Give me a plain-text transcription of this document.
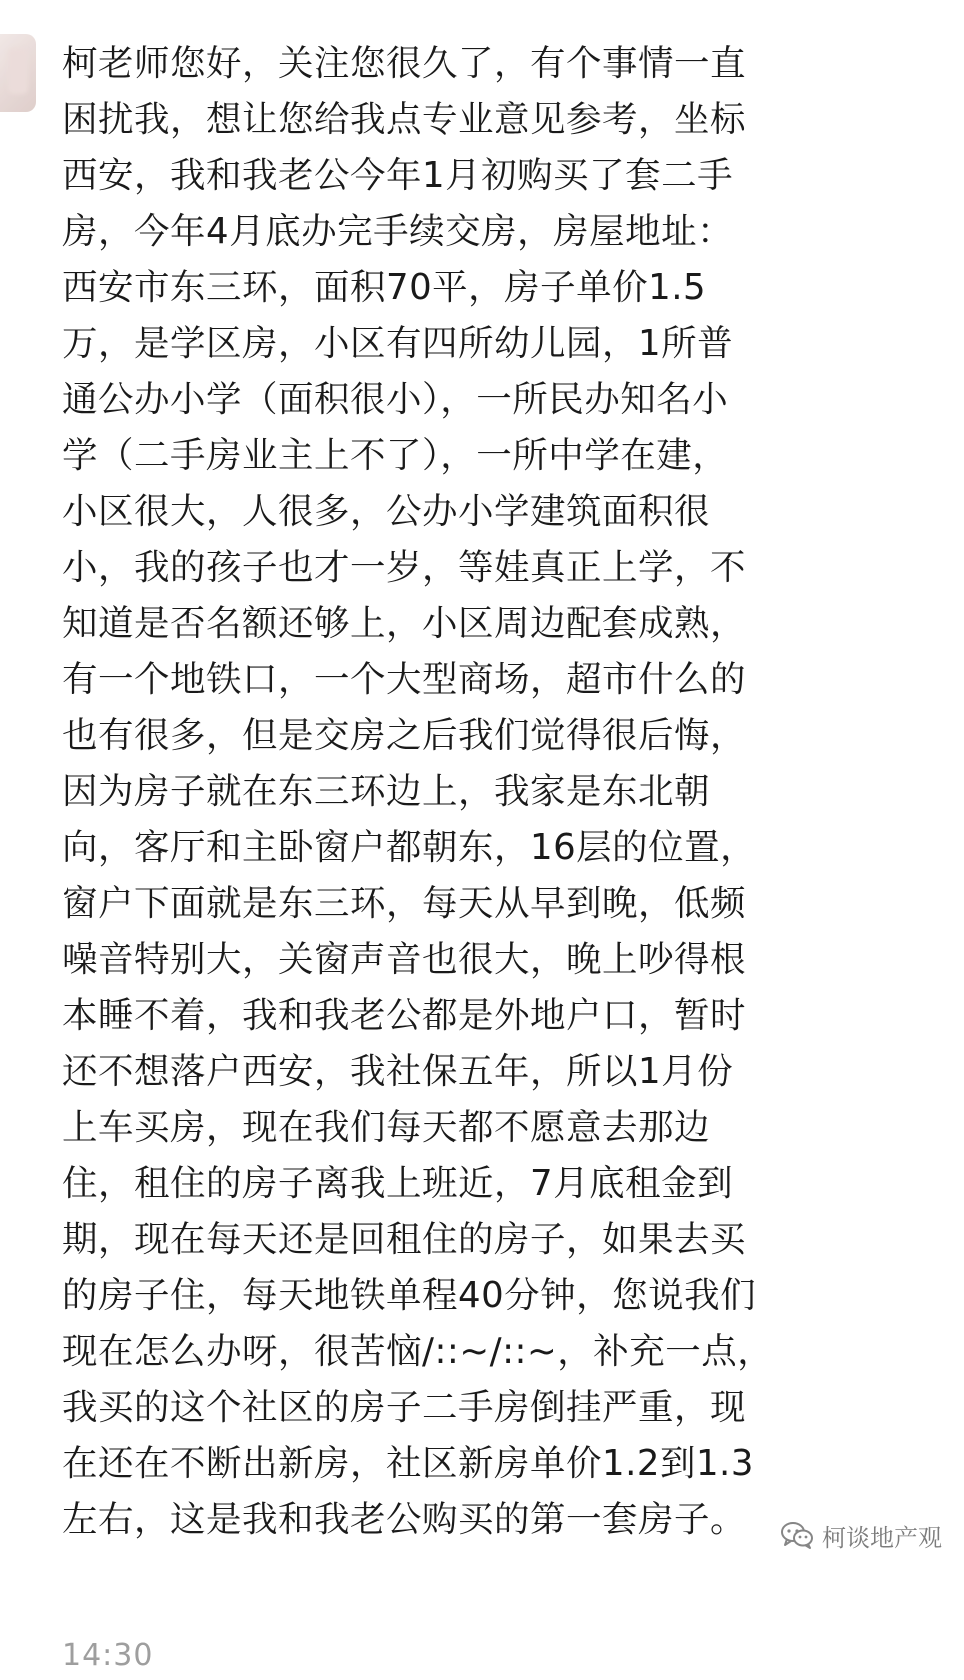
柯老师您好，关注您很久了，有个事情一直
困扰我，想让您给我点专业意见参考，坐标
西安，我和我老公今年1月初购买了套二手
房，今年4月底办完手续交房，房屋地址：
西安市东三环，面积70平，房子单价1.5
万，是学区房，小区有四所幼儿园，1所普
通公办小学（面积很小），一所民办知名小
学（二手房业主上不了），一所中学在建，
小区很大，人很多，公办小学建筑面积很
小，我的孩子也才一岁，等娃真正上学，不
知道是否名额还够上，小区周边配套成熟，
有一个地铁口，一个大型商场，超市什么的
也有很多，但是交房之后我们觉得很后悔，
因为房子就在东三环边上，我家是东北朝
向，客厅和主卧窗户都朝东，16层的位置，
窗户下面就是东三环，每天从早到晚，低频
噪音特别大，关窗声音也很大，晚上吵得根
本睡不着，我和我老公都是外地户口，暂时
还不想落户西安，我社保五年，所以1月份
上车买房，现在我们每天都不愿意去那边
住，租住的房子离我上班近，7月底租金到
期，现在每天还是回租住的房子，如果去买
的房子住，每天地铁单程40分钟，您说我们
现在怎么办呀，很苦恼/::~/::~，补充一点，
我买的这个社区的房子二手房倒挂严重，现
在还在不断出新房，社区新房单价1.2到1.3
左右，这是我和我老公购买的第一套房子。	柯谈地产观
14:30
